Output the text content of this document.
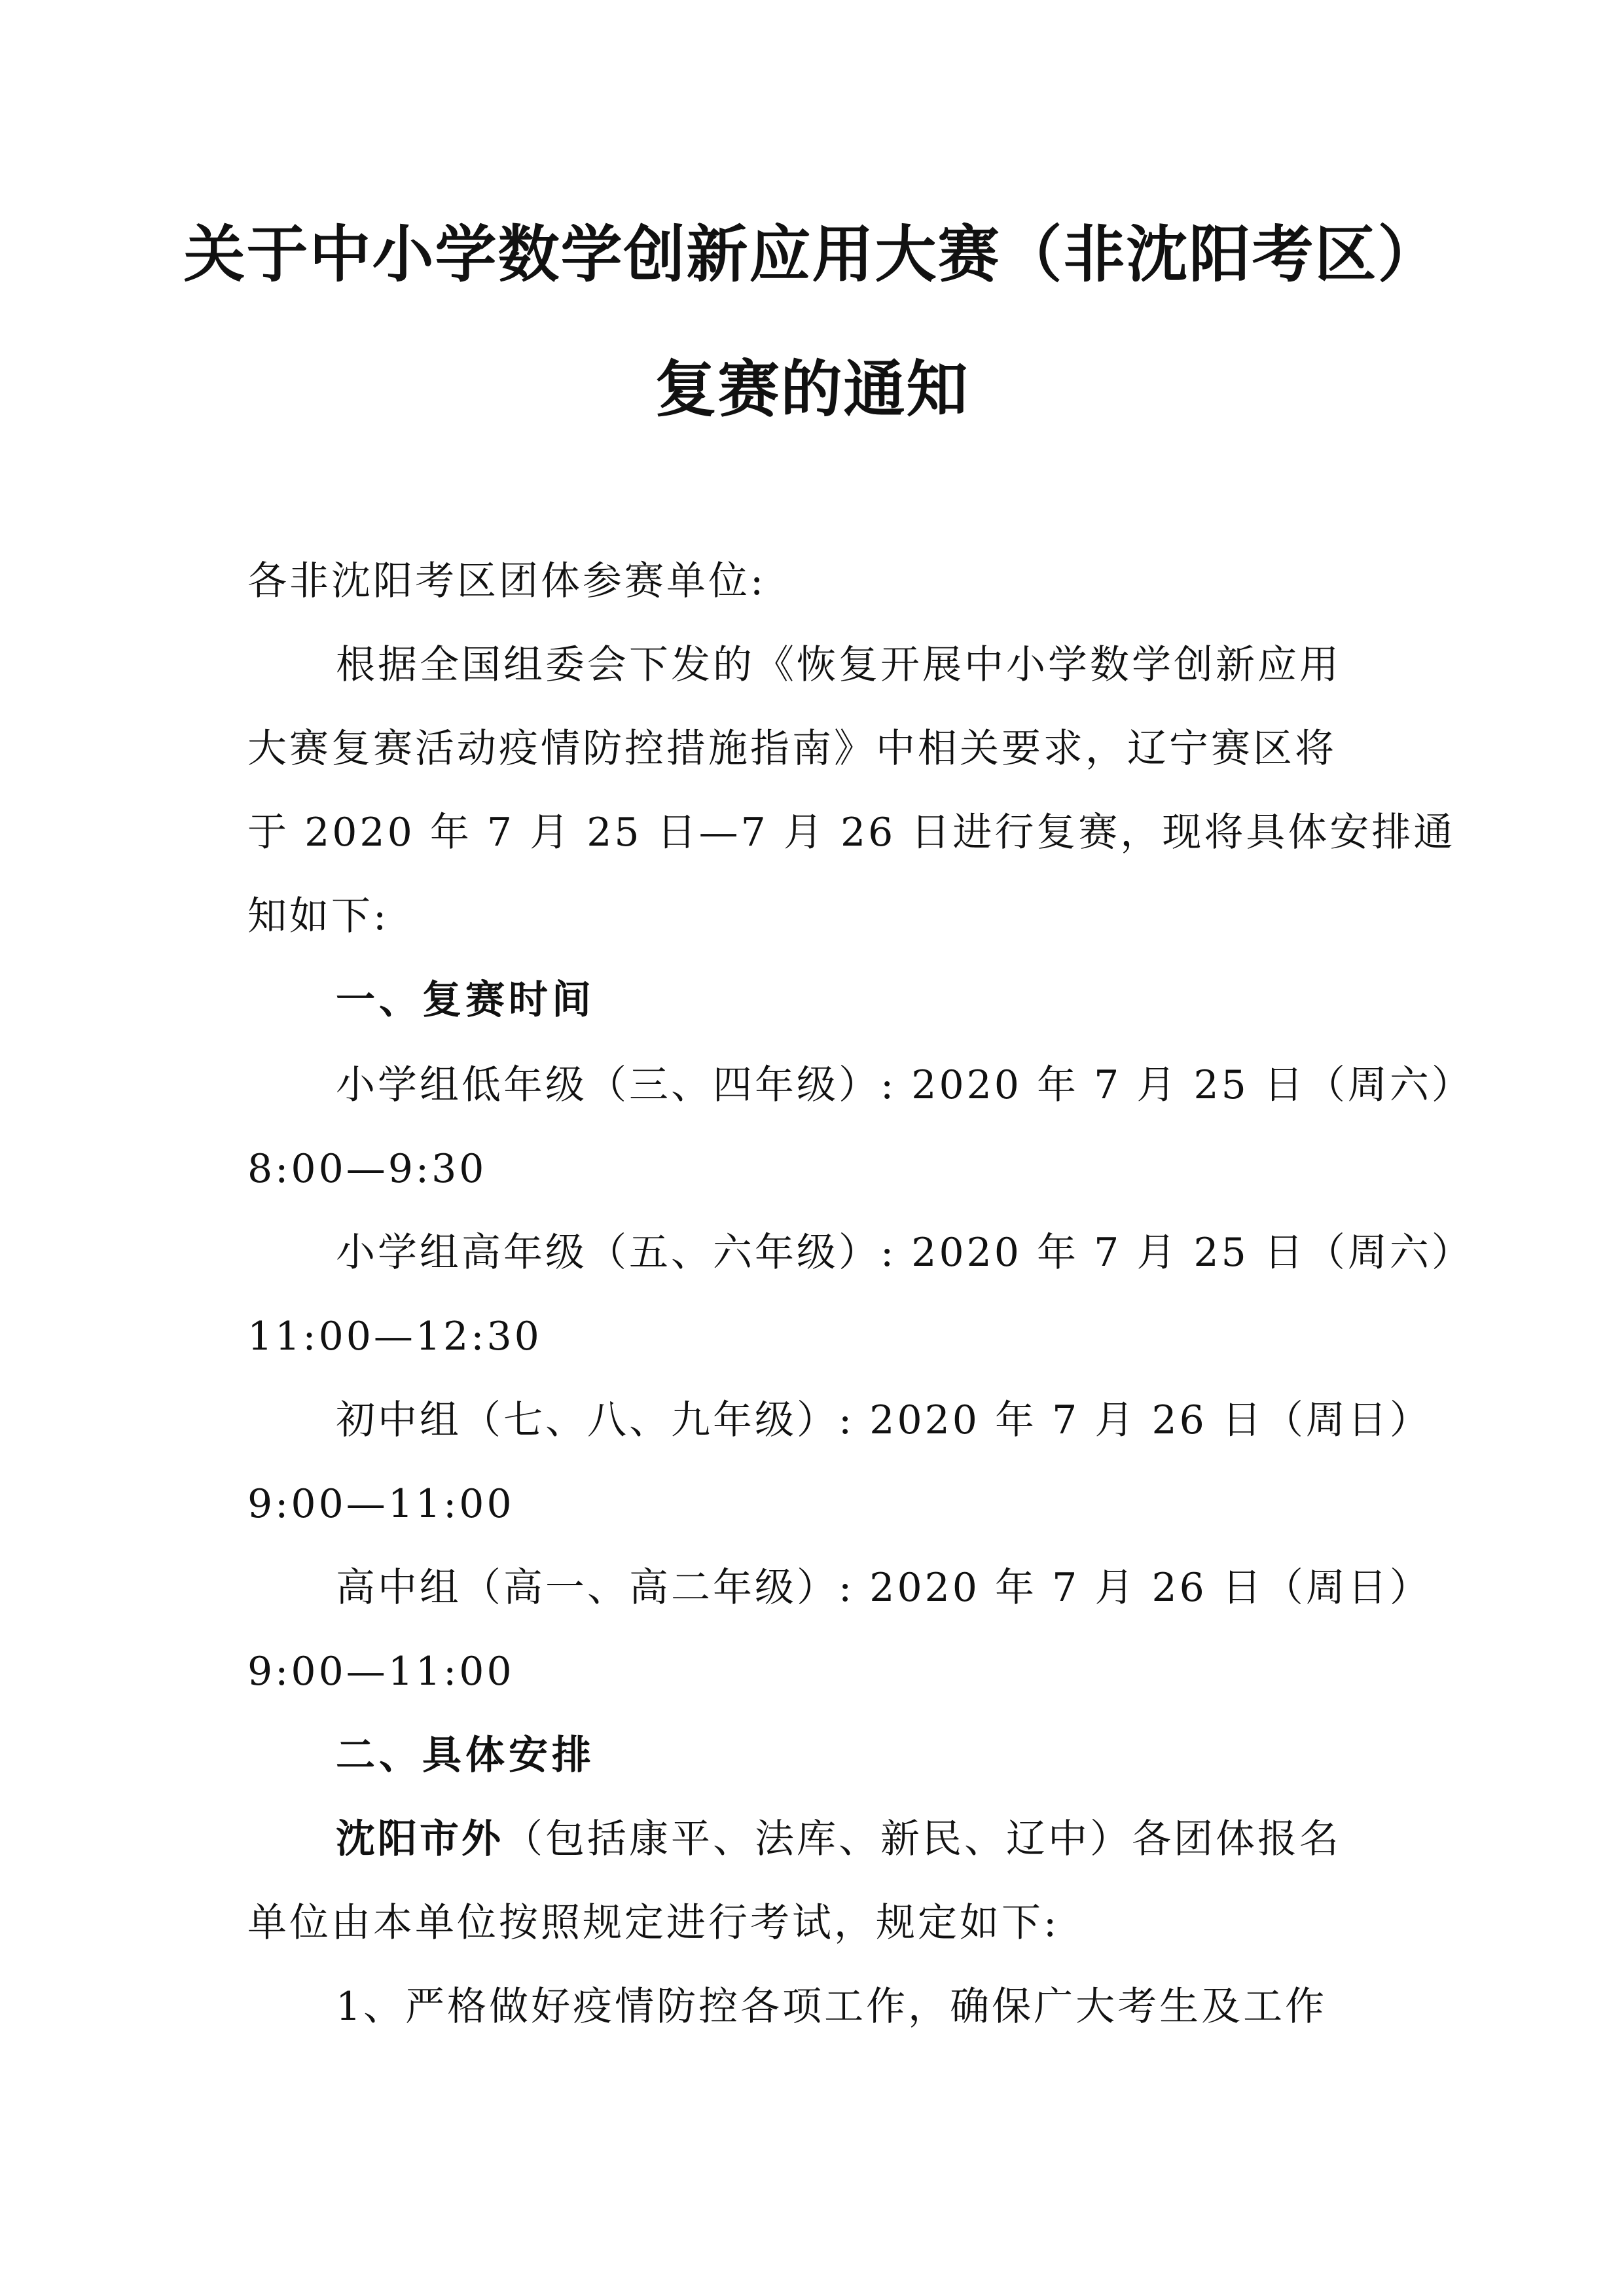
关于中小学数学创新应用大赛（非沈阳考区）
复赛的通知
各非沈阳考区团体参赛单位:
根据全国组委会下发的《恢复开展中小学数学创新应用
大赛复赛活动疫情防控措施指南》中相关要求，辽宁赛区将
于 2020 年 7 月 25 日—7 月 26 日进行复赛，现将具体安排通
知如下:
一、复赛时间
小学组低年级（三、四年级）: 2020 年 7 月 25 日（周六）
8:00—9:30
小学组高年级（五、六年级）: 2020 年 7 月 25 日（周六）
11:00—12:30
初中组（七、八、九年级）: 2020 年 7 月 26 日（周日）
9:00—11:00
高中组（高一、高二年级）: 2020 年 7 月 26 日（周日）
9:00—11:00
二、具体安排
沈阳市外（包括康平、法库、新民、辽中）各团体报名
单位由本单位按照规定进行考试，规定如下:
1、严格做好疫情防控各项工作，确保广大考生及工作
